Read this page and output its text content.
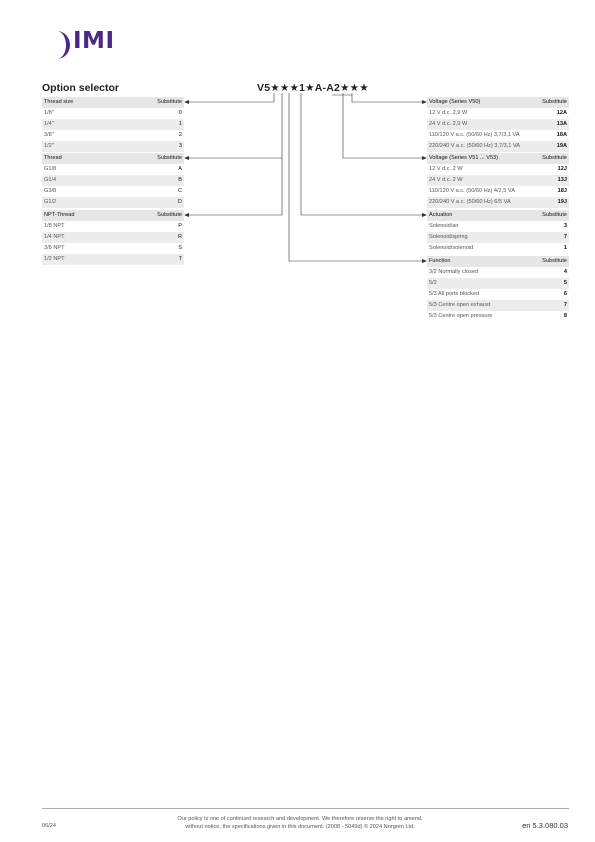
IMI
Option selector	V5★★★1★A-A2★★★
Thread size	Substitute
1/8"	0
1/4"	1
3/8"	2
1/2"	3
Thread	Substitute
G1/8	A
G1/4	B
G3/8	C
G1/2	D
NPT-Thread	Substitute
1/8 NPT	P
1/4 NPT	R
3/8 NPT	S
1/2 NPT	T
Voltage (Series V50)	Substitute
12 V d.c. 2,9 W	12A
24 V d.c. 2,9 W	13A
110/120 V a.c. (50/60 Hz) 3,7/3,1 VA	18A
220/240 V a.c. (50/60 Hz) 3,7/3,1 VA	19A
Voltage (Series V51 ... V53)	Substitute
12 V d.c. 2 W	12J
24 V d.c. 2 W	13J
110/120 V a.c. (50/60 Hz) 4/2,5 VA	18J
220/240 V a.c. (50/60 Hz) 6/5 VA	19J
Actuation	Substitute
Solenoid/air	3
Solenoid/spring	7
Solenoid/solenoid	1
Function	Substitute
3/2 Normally closed	4
5/2	5
5/3 All ports blocked	6
5/3 Centre open exhaust	7
5/3 Centre open pressure	8
06/24
Our policy is one of continued research and development. We therefore reserve the right to amend,
without notice, the specifications given in this document. (2008 - 5049d) © 2024 Norgren Ltd.	en 5.3.080.03
